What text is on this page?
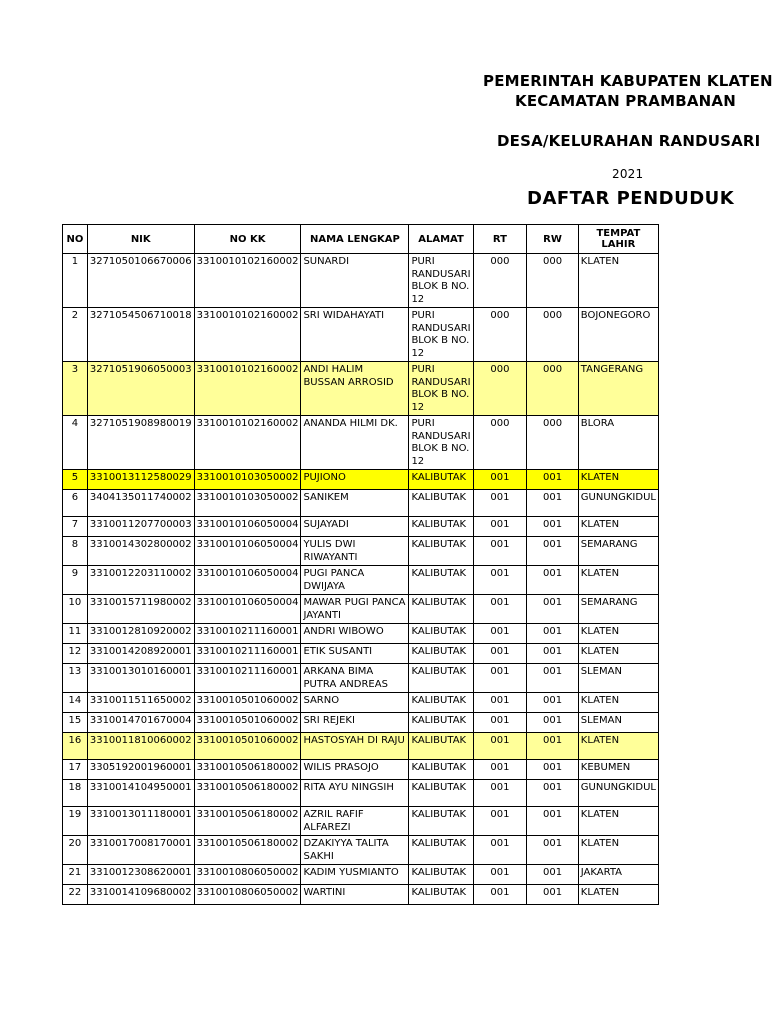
PEMERINTAH KABUPATEN KLATEN
KECAMATAN PRAMBANAN
DESA/KELURAHAN RANDUSARI
2021
DAFTAR PENDUDUK
NO	NIK	NO KK	NAMA LENGKAP	ALAMAT	RT	RW	TEMPAT LAHIR
1	3271050106670006	3310010102160002	SUNARDI	PURI RANDUSARI BLOK B NO. 12	000	000	KLATEN
2	3271054506710018	3310010102160002	SRI WIDAHAYATI	PURI RANDUSARI BLOK B NO. 12	000	000	BOJONEGORO
3	3271051906050003	3310010102160002	ANDI HALIM BUSSAN ARROSID	PURI RANDUSARI BLOK B NO. 12	000	000	TANGERANG
4	3271051908980019	3310010102160002	ANANDA HILMI DK.	PURI RANDUSARI BLOK B NO. 12	000	000	BLORA
5	3310013112580029	3310010103050002	PUJIONO	KALIBUTAK	001	001	KLATEN
6	3404135011740002	3310010103050002	SANIKEM	KALIBUTAK	001	001	GUNUNGKIDUL
7	3310011207700003	3310010106050004	SUJAYADI	KALIBUTAK	001	001	KLATEN
8	3310014302800002	3310010106050004	YULIS DWI RIWAYANTI	KALIBUTAK	001	001	SEMARANG
9	3310012203110002	3310010106050004	PUGI PANCA DWIJAYA	KALIBUTAK	001	001	KLATEN
10	3310015711980002	3310010106050004	MAWAR PUGI PANCA JAYANTI	KALIBUTAK	001	001	SEMARANG
11	3310012810920002	3310010211160001	ANDRI WIBOWO	KALIBUTAK	001	001	KLATEN
12	3310014208920001	3310010211160001	ETIK SUSANTI	KALIBUTAK	001	001	KLATEN
13	3310013010160001	3310010211160001	ARKANA BIMA PUTRA ANDREAS	KALIBUTAK	001	001	SLEMAN
14	3310011511650002	3310010501060002	SARNO	KALIBUTAK	001	001	KLATEN
15	3310014701670004	3310010501060002	SRI REJEKI	KALIBUTAK	001	001	SLEMAN
16	3310011810060002	3310010501060002	HASTOSYAH DI RAJU	KALIBUTAK	001	001	KLATEN
17	3305192001960001	3310010506180002	WILIS PRASOJO	KALIBUTAK	001	001	KEBUMEN
18	3310014104950001	3310010506180002	RITA AYU NINGSIH	KALIBUTAK	001	001	GUNUNGKIDUL
19	3310013011180001	3310010506180002	AZRIL RAFIF ALFAREZI	KALIBUTAK	001	001	KLATEN
20	3310017008170001	3310010506180002	DZAKIYYA TALITA SAKHI	KALIBUTAK	001	001	KLATEN
21	3310012308620001	3310010806050002	KADIM YUSMIANTO	KALIBUTAK	001	001	JAKARTA
22	3310014109680002	3310010806050002	WARTINI	KALIBUTAK	001	001	KLATEN
